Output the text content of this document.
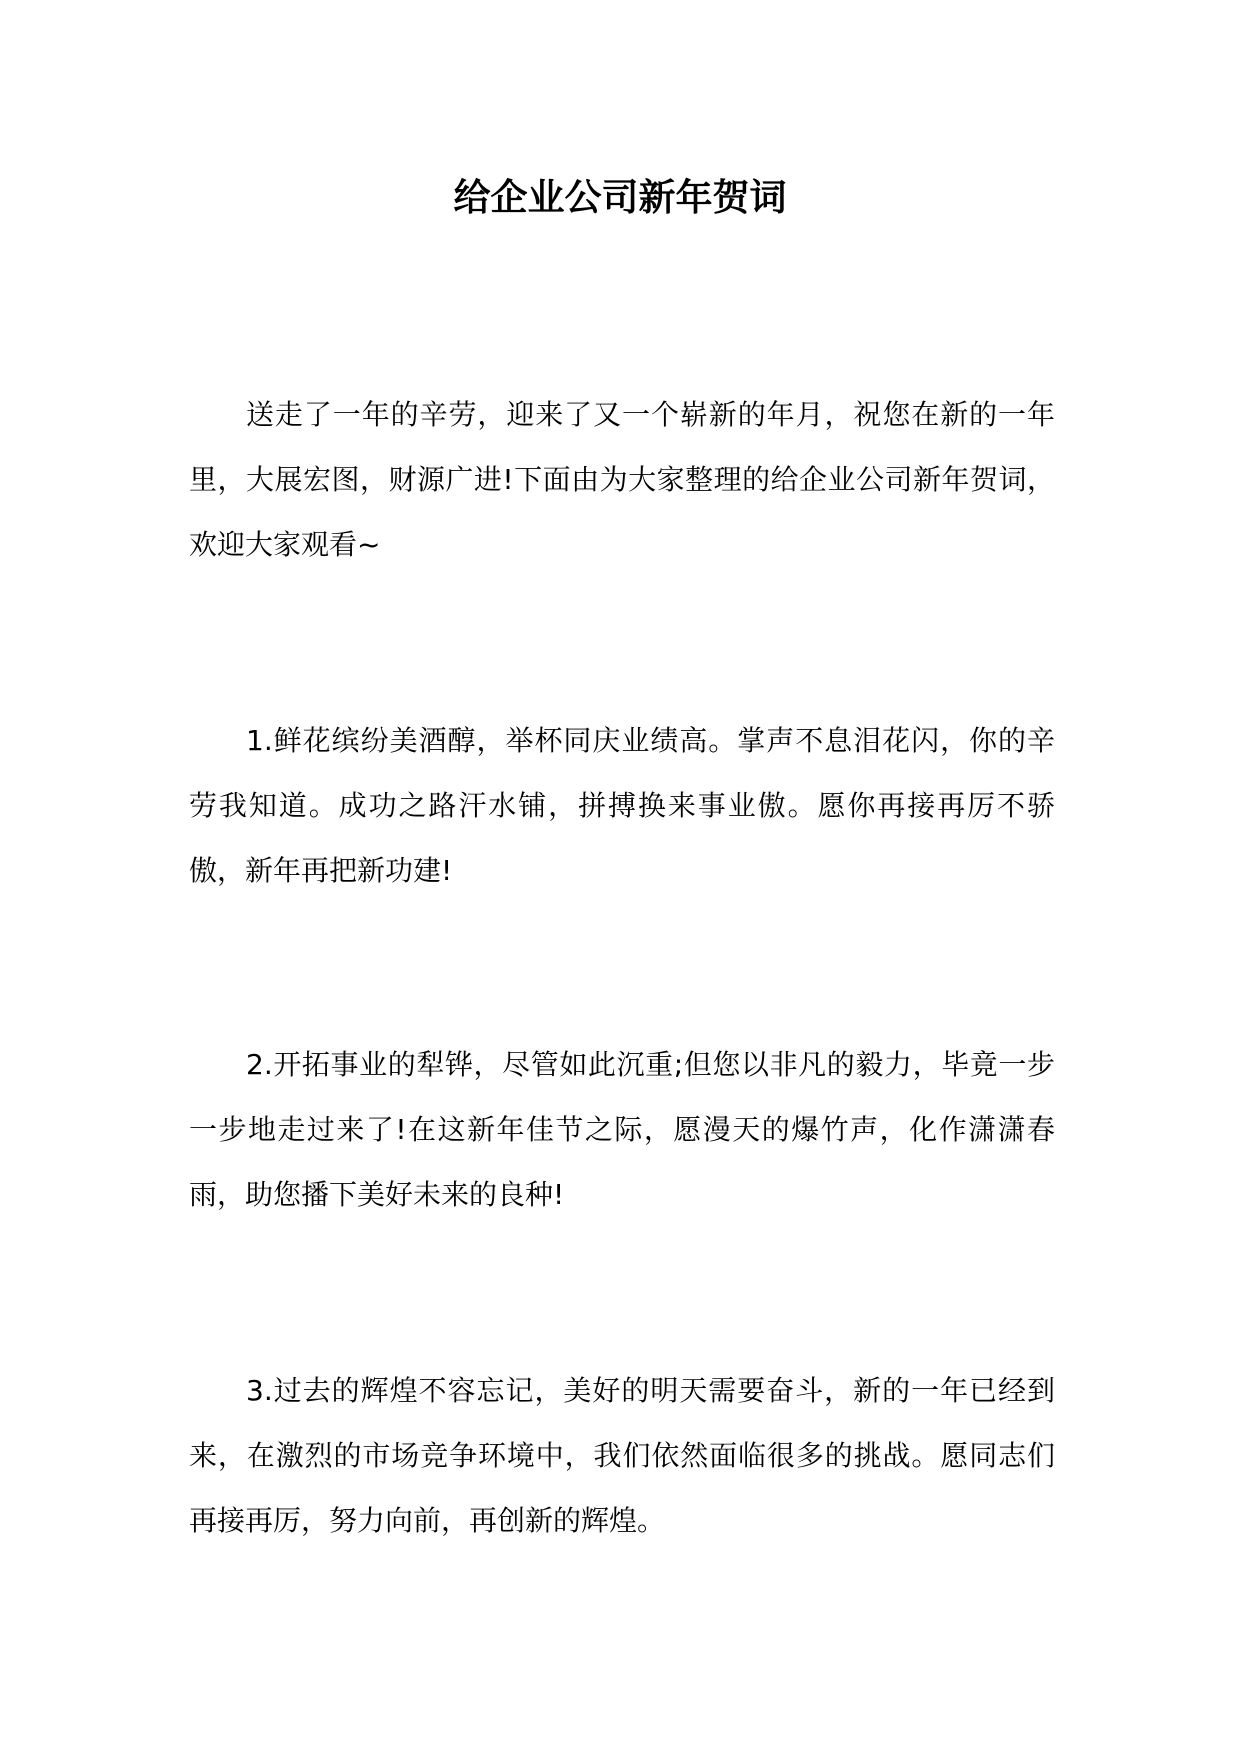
给企业公司新年贺词
送走了一年的辛劳，迎来了又一个崭新的年月，祝您在新的一年里，大展宏图，财源广进!下面由为大家整理的给企业公司新年贺词，欢迎大家观看~
1.鲜花缤纷美酒醇，举杯同庆业绩高。掌声不息泪花闪，你的辛劳我知道。成功之路汗水铺，拼搏换来事业傲。愿你再接再厉不骄傲，新年再把新功建!
2.开拓事业的犁铧，尽管如此沉重;但您以非凡的毅力，毕竟一步一步地走过来了!在这新年佳节之际，愿漫天的爆竹声，化作潇潇春雨，助您播下美好未来的良种!
3.过去的辉煌不容忘记，美好的明天需要奋斗，新的一年已经到来，在激烈的市场竞争环境中，我们依然面临很多的挑战。愿同志们再接再厉，努力向前，再创新的辉煌。
